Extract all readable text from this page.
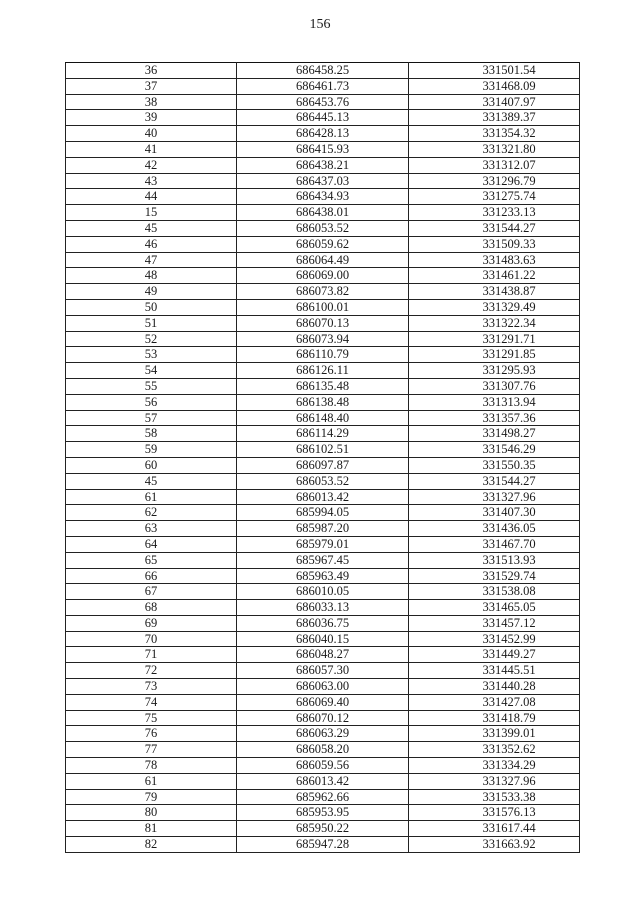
156
36	686458.25	331501.54
37	686461.73	331468.09
38	686453.76	331407.97
39	686445.13	331389.37
40	686428.13	331354.32
41	686415.93	331321.80
42	686438.21	331312.07
43	686437.03	331296.79
44	686434.93	331275.74
15	686438.01	331233.13
45	686053.52	331544.27
46	686059.62	331509.33
47	686064.49	331483.63
48	686069.00	331461.22
49	686073.82	331438.87
50	686100.01	331329.49
51	686070.13	331322.34
52	686073.94	331291.71
53	686110.79	331291.85
54	686126.11	331295.93
55	686135.48	331307.76
56	686138.48	331313.94
57	686148.40	331357.36
58	686114.29	331498.27
59	686102.51	331546.29
60	686097.87	331550.35
45	686053.52	331544.27
61	686013.42	331327.96
62	685994.05	331407.30
63	685987.20	331436.05
64	685979.01	331467.70
65	685967.45	331513.93
66	685963.49	331529.74
67	686010.05	331538.08
68	686033.13	331465.05
69	686036.75	331457.12
70	686040.15	331452.99
71	686048.27	331449.27
72	686057.30	331445.51
73	686063.00	331440.28
74	686069.40	331427.08
75	686070.12	331418.79
76	686063.29	331399.01
77	686058.20	331352.62
78	686059.56	331334.29
61	686013.42	331327.96
79	685962.66	331533.38
80	685953.95	331576.13
81	685950.22	331617.44
82	685947.28	331663.92
